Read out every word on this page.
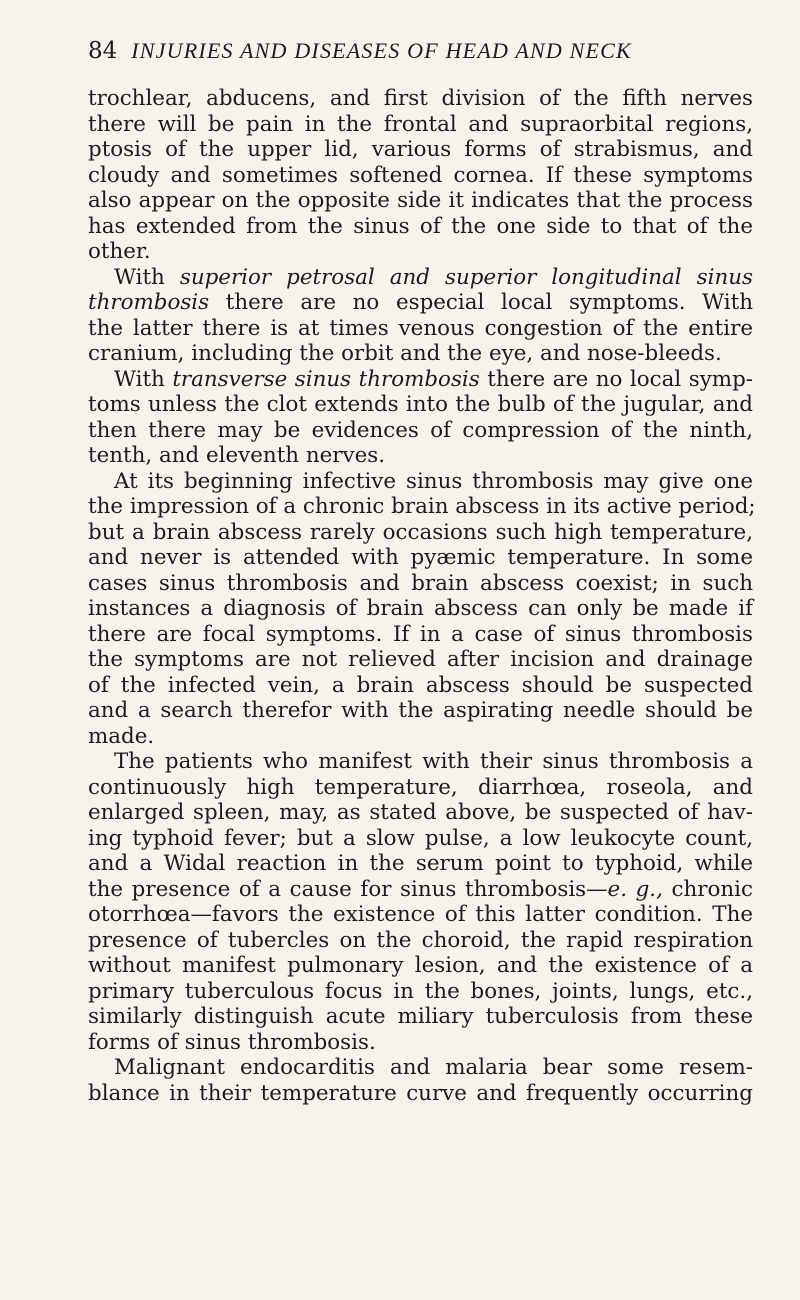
84 INJURIES AND DISEASES OF HEAD AND NECK
trochlear, abducens, and first division of the fifth nerves
there will be pain in the frontal and supraorbital regions,
ptosis of the upper lid, various forms of strabismus, and
cloudy and sometimes softened cornea. If these symptoms
also appear on the opposite side it indicates that the process
has extended from the sinus of the one side to that of the
other.
With superior petrosal and superior longitudinal sinus
thrombosis there are no especial local symptoms. With
the latter there is at times venous congestion of the entire
cranium, including the orbit and the eye, and nose-bleeds.
With transverse sinus thrombosis there are no local symp-
toms unless the clot extends into the bulb of the jugular, and
then there may be evidences of compression of the ninth,
tenth, and eleventh nerves.
At its beginning infective sinus thrombosis may give one
the impression of a chronic brain abscess in its active period;
but a brain abscess rarely occasions such high temperature,
and never is attended with pyæmic temperature. In some
cases sinus thrombosis and brain abscess coexist; in such
instances a diagnosis of brain abscess can only be made if
there are focal symptoms. If in a case of sinus thrombosis
the symptoms are not relieved after incision and drainage
of the infected vein, a brain abscess should be suspected
and a search therefor with the aspirating needle should be
made.
The patients who manifest with their sinus thrombosis a
continuously high temperature, diarrhœa, roseola, and
enlarged spleen, may, as stated above, be suspected of hav-
ing typhoid fever; but a slow pulse, a low leukocyte count,
and a Widal reaction in the serum point to typhoid, while
the presence of a cause for sinus thrombosis—e. g., chronic
otorrhœa—favors the existence of this latter condition. The
presence of tubercles on the choroid, the rapid respiration
without manifest pulmonary lesion, and the existence of a
primary tuberculous focus in the bones, joints, lungs, etc.,
similarly distinguish acute miliary tuberculosis from these
forms of sinus thrombosis.
Malignant endocarditis and malaria bear some resem-
blance in their temperature curve and frequently occurring
